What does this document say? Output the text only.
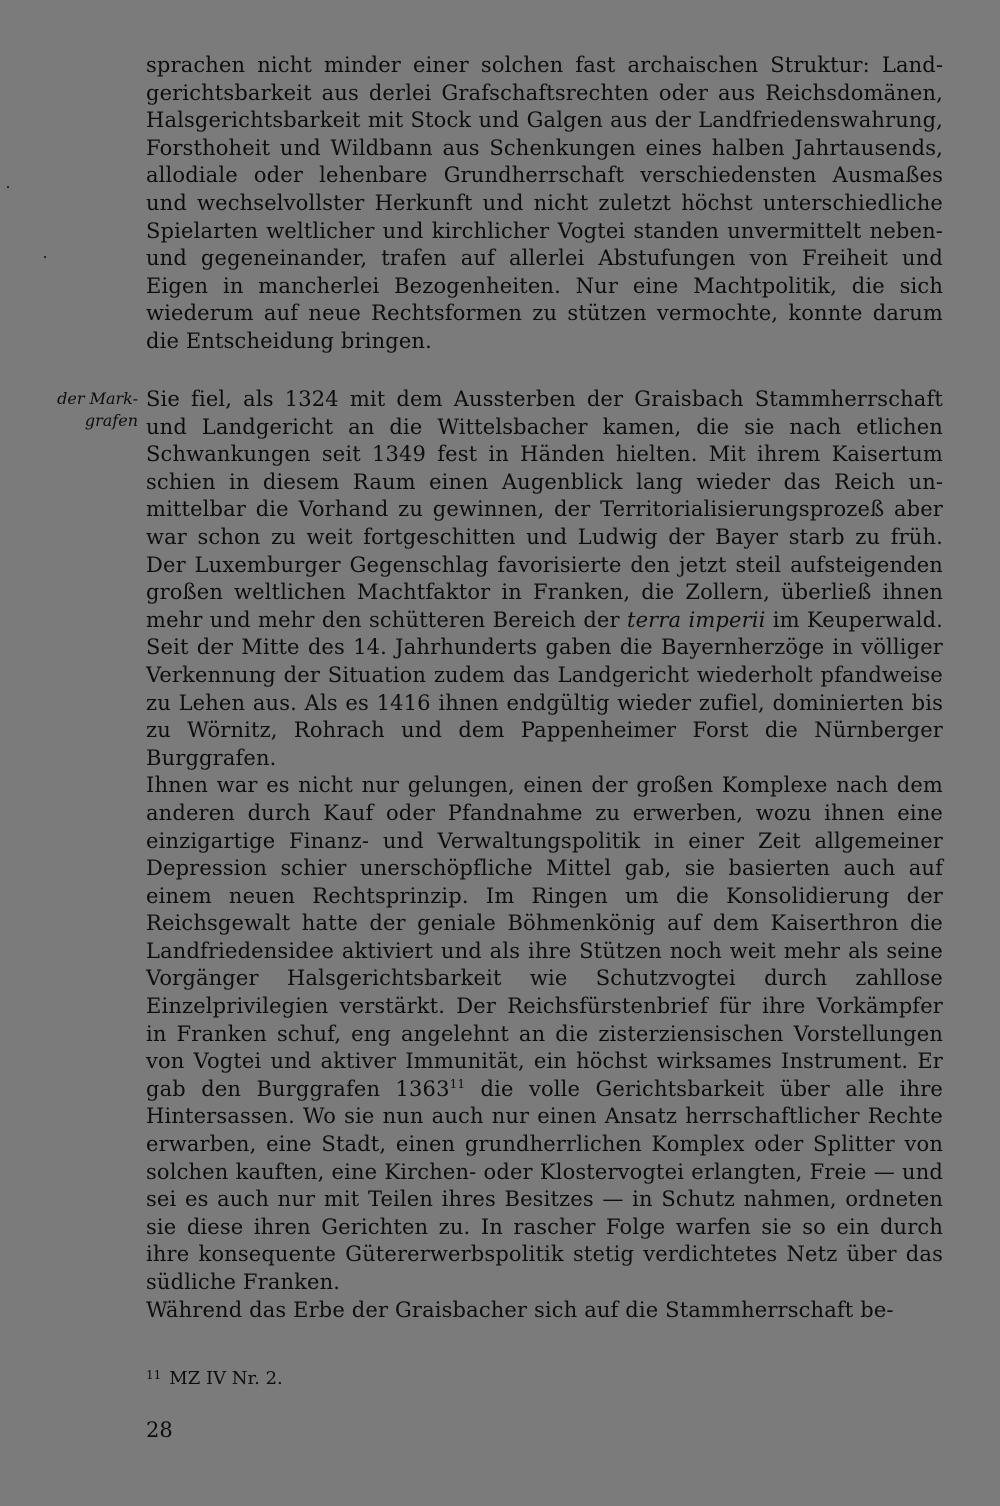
sprachen nicht minder einer solchen fast archaischen Struktur: Landgerichtsbarkeit aus derlei Grafschaftsrechten oder aus Reichsdomänen, Halsgerichtsbarkeit mit Stock und Galgen aus der Landfriedenswahrung, Forsthoheit und Wildbann aus Schenkungen eines halben Jahrtausends, allodiale oder lehenbare Grundherrschaft verschiedensten Ausmaßes und wechselvollster Herkunft und nicht zuletzt höchst unterschiedliche Spielarten weltlicher und kirchlicher Vogtei standen unvermittelt neben- und gegeneinander, trafen auf allerlei Abstufungen von Freiheit und Eigen in mancherlei Bezogenheiten. Nur eine Machtpolitik, die sich wiederum auf neue Rechtsformen zu stützen vermochte, konnte darum die Entscheidung bringen.

der Mark-grafen

Sie fiel, als 1324 mit dem Aussterben der Graisbach Stammherrschaft und Landgericht an die Wittelsbacher kamen, die sie nach etlichen Schwankungen seit 1349 fest in Händen hielten. Mit ihrem Kaisertum schien in diesem Raum einen Augenblick lang wieder das Reich unmittelbar die Vorhand zu gewinnen, der Territorialisierungsprozeß aber war schon zu weit fortgeschitten und Ludwig der Bayer starb zu früh. Der Luxemburger Gegenschlag favorisierte den jetzt steil aufsteigenden großen weltlichen Machtfaktor in Franken, die Zollern, überließ ihnen mehr und mehr den schütteren Bereich der terra imperii im Keuperwald. Seit der Mitte des 14. Jahrhunderts gaben die Bayernherzöge in völliger Verkennung der Situation zudem das Landgericht wiederholt pfandweise zu Lehen aus. Als es 1416 ihnen endgültig wieder zufiel, dominierten bis zu Wörnitz, Rohrach und dem Pappenheimer Forst die Nürnberger Burggrafen.

Ihnen war es nicht nur gelungen, einen der großen Komplexe nach dem anderen durch Kauf oder Pfandnahme zu erwerben, wozu ihnen eine einzigartige Finanz- und Verwaltungspolitik in einer Zeit allgemeiner Depression schier unerschöpfliche Mittel gab, sie basierten auch auf einem neuen Rechtsprinzip. Im Ringen um die Konsolidierung der Reichsgewalt hatte der geniale Böhmenkönig auf dem Kaiserthron die Landfriedensidee aktiviert und als ihre Stützen noch weit mehr als seine Vorgänger Halsgerichtsbarkeit wie Schutzvogtei durch zahllose Einzelprivilegien verstärkt. Der Reichsfürstenbrief für ihre Vorkämpfer in Franken schuf, eng angelehnt an die zisterziensischen Vorstellungen von Vogtei und aktiver Immunität, ein höchst wirksames Instrument. Er gab den Burggrafen 1363$^{11}$ die volle Gerichtsbarkeit über alle ihre Hintersassen. Wo sie nun auch nur einen Ansatz herrschaftlicher Rechte erwarben, eine Stadt, einen grundherrlichen Komplex oder Splitter von solchen kauften, eine Kirchen- oder Klostervogtei erlangten, Freie — und sei es auch nur mit Teilen ihres Besitzes — in Schutz nahmen, ordneten sie diese ihren Gerichten zu. In rascher Folge warfen sie so ein durch ihre konsequente Gütererwerbspolitik stetig verdichtetes Netz über das südliche Franken.

Während das Erbe der Graisbacher sich auf die Stammherrschaft be-

$^{11}$ MZ IV Nr. 2.
28
